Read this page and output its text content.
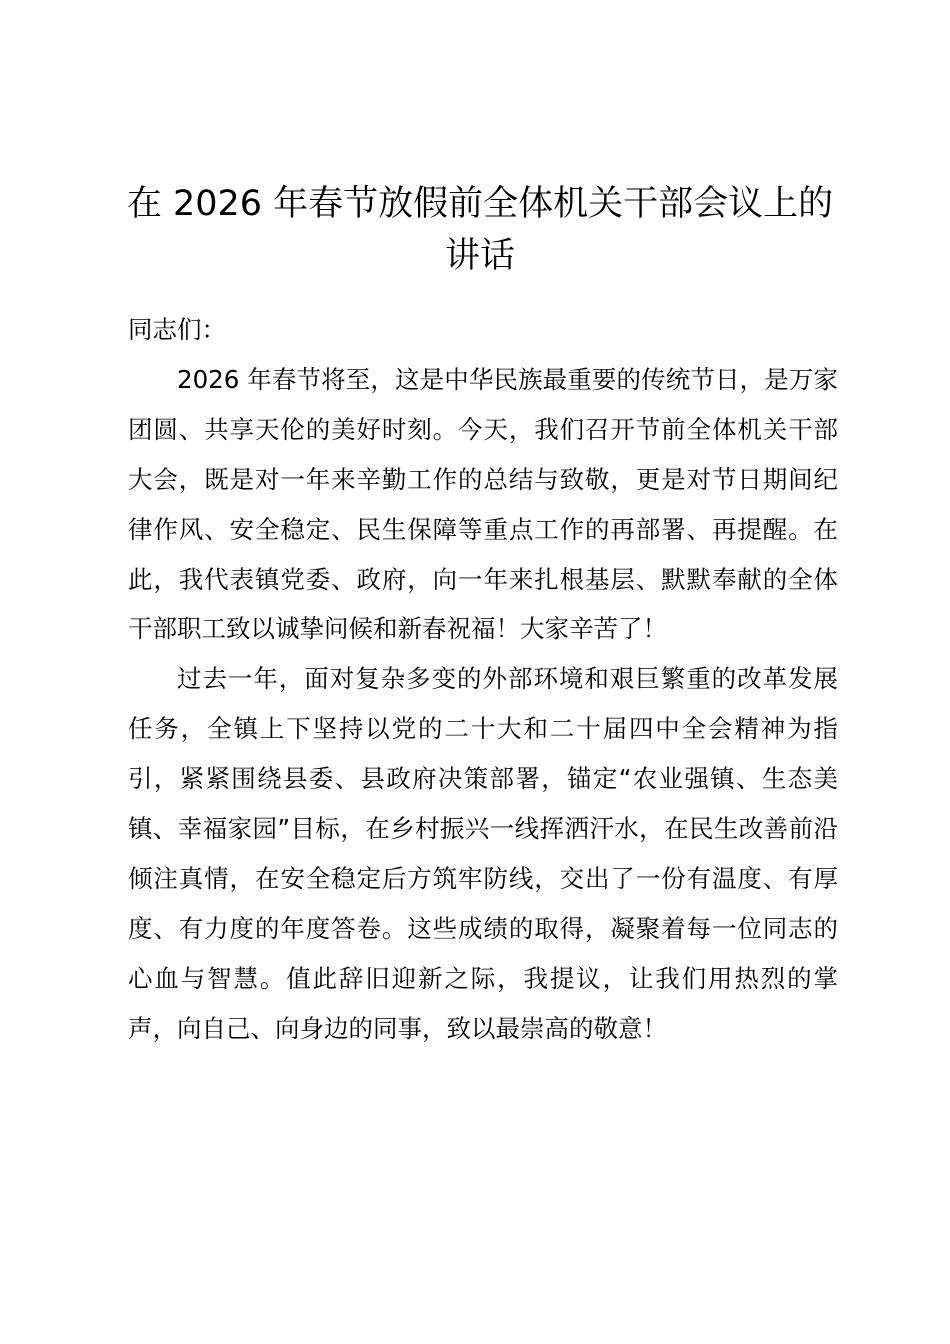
在 2026 年春节放假前全体机关干部会议上的讲话

同志们：

2026 年春节将至，这是中华民族最重要的传统节日，是万家团圆、共享天伦的美好时刻。今天，我们召开节前全体机关干部大会，既是对一年来辛勤工作的总结与致敬，更是对节日期间纪律作风、安全稳定、民生保障等重点工作的再部署、再提醒。在此，我代表镇党委、政府，向一年来扎根基层、默默奉献的全体干部职工致以诚挚问候和新春祝福！大家辛苦了！

过去一年，面对复杂多变的外部环境和艰巨繁重的改革发展任务，全镇上下坚持以党的二十大和二十届四中全会精神为指引，紧紧围绕县委、县政府决策部署，锚定“农业强镇、生态美镇、幸福家园”目标，在乡村振兴一线挥洒汗水，在民生改善前沿倾注真情，在安全稳定后方筑牢防线，交出了一份有温度、有厚度、有力度的年度答卷。这些成绩的取得，凝聚着每一位同志的心血与智慧。值此辞旧迎新之际，我提议，让我们用热烈的掌声，向自己、向身边的同事，致以最崇高的敬意！
